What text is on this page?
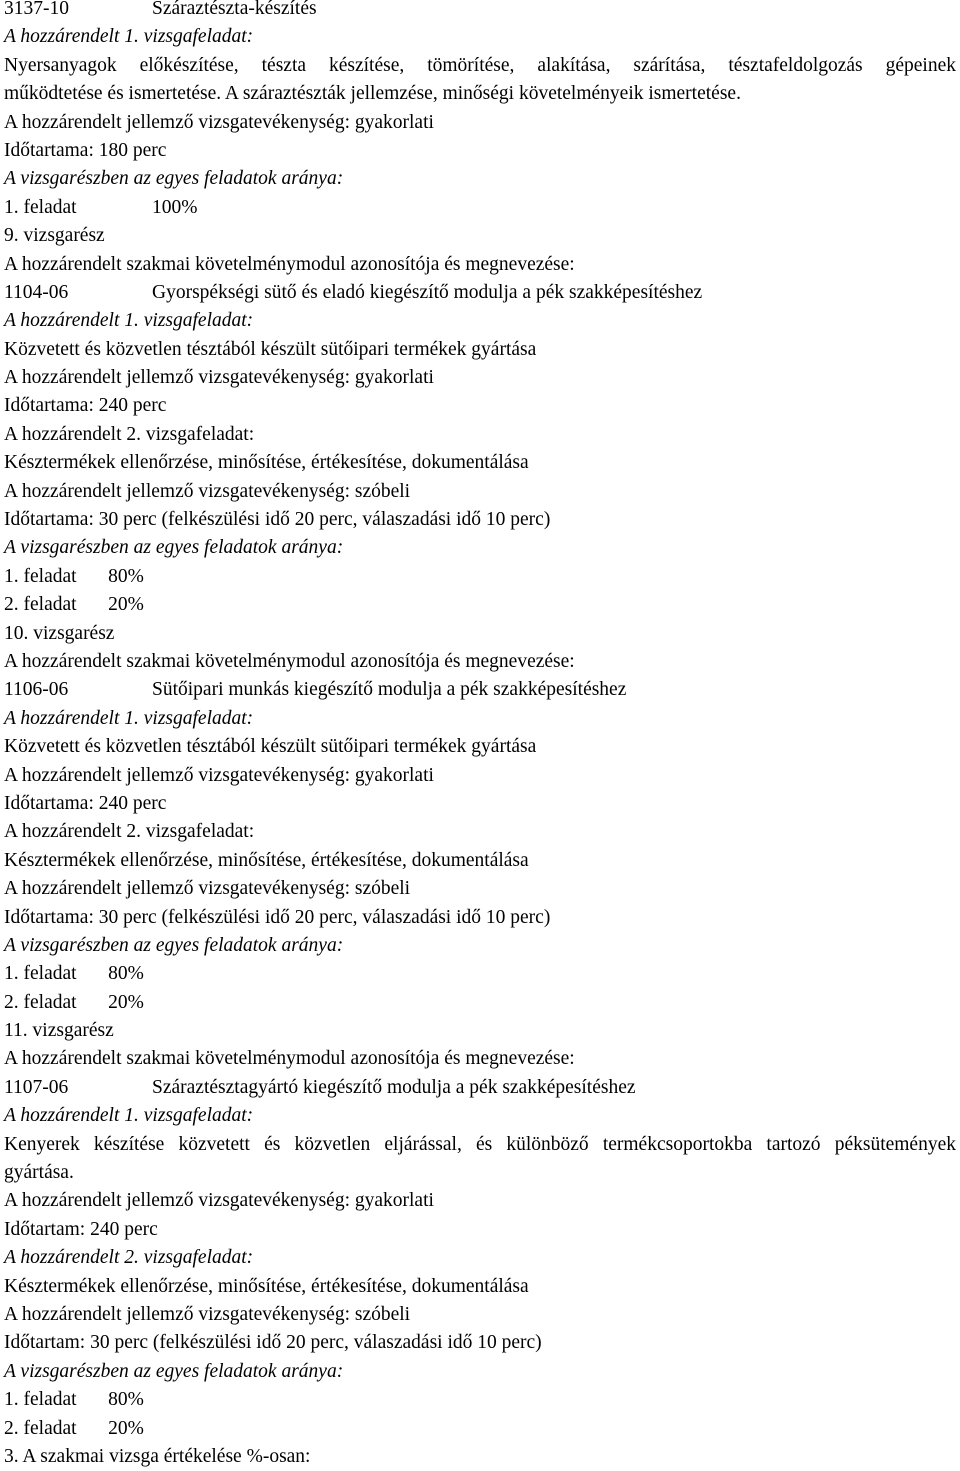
3137-10	Száraztészta-készítés
A hozzárendelt 1. vizsgafeladat:
Nyersanyagok előkészítése, tészta készítése, tömörítése, alakítása, szárítása, tésztafeldolgozás gépeinek
működtetése és ismertetése. A száraztészták jellemzése, minőségi követelményeik ismertetése.
A hozzárendelt jellemző vizsgatevékenység: gyakorlati
Időtartama: 180 perc
A vizsgarészben az egyes feladatok aránya:
1. feladat	100%
9. vizsgarész
A hozzárendelt szakmai követelménymodul azonosítója és megnevezése:
1104-06	Gyorspékségi sütő és eladó kiegészítő modulja a pék szakképesítéshez
A hozzárendelt 1. vizsgafeladat:
Közvetett és közvetlen tésztából készült sütőipari termékek gyártása
A hozzárendelt jellemző vizsgatevékenység: gyakorlati
Időtartama: 240 perc
A hozzárendelt 2. vizsgafeladat:
Késztermékek ellenőrzése, minősítése, értékesítése, dokumentálása
A hozzárendelt jellemző vizsgatevékenység: szóbeli
Időtartama: 30 perc (felkészülési idő 20 perc, válaszadási idő 10 perc)
A vizsgarészben az egyes feladatok aránya:
1. feladat 80%
2. feladat 20%
10. vizsgarész
A hozzárendelt szakmai követelménymodul azonosítója és megnevezése:
1106-06	Sütőipari munkás kiegészítő modulja a pék szakképesítéshez
A hozzárendelt 1. vizsgafeladat:
Közvetett és közvetlen tésztából készült sütőipari termékek gyártása
A hozzárendelt jellemző vizsgatevékenység: gyakorlati
Időtartama: 240 perc
A hozzárendelt 2. vizsgafeladat:
Késztermékek ellenőrzése, minősítése, értékesítése, dokumentálása
A hozzárendelt jellemző vizsgatevékenység: szóbeli
Időtartama: 30 perc (felkészülési idő 20 perc, válaszadási idő 10 perc)
A vizsgarészben az egyes feladatok aránya:
1. feladat 80%
2. feladat 20%
11. vizsgarész
A hozzárendelt szakmai követelménymodul azonosítója és megnevezése:
1107-06	Száraztésztagyártó kiegészítő modulja a pék szakképesítéshez
A hozzárendelt 1. vizsgafeladat:
Kenyerek készítése közvetett és közvetlen eljárással, és különböző termékcsoportokba tartozó péksütemények
gyártása.
A hozzárendelt jellemző vizsgatevékenység: gyakorlati
Időtartam: 240 perc
A hozzárendelt 2. vizsgafeladat:
Késztermékek ellenőrzése, minősítése, értékesítése, dokumentálása
A hozzárendelt jellemző vizsgatevékenység: szóbeli
Időtartam: 30 perc (felkészülési idő 20 perc, válaszadási idő 10 perc)
A vizsgarészben az egyes feladatok aránya:
1. feladat 80%
2. feladat 20%
3. A szakmai vizsga értékelése %-osan:
